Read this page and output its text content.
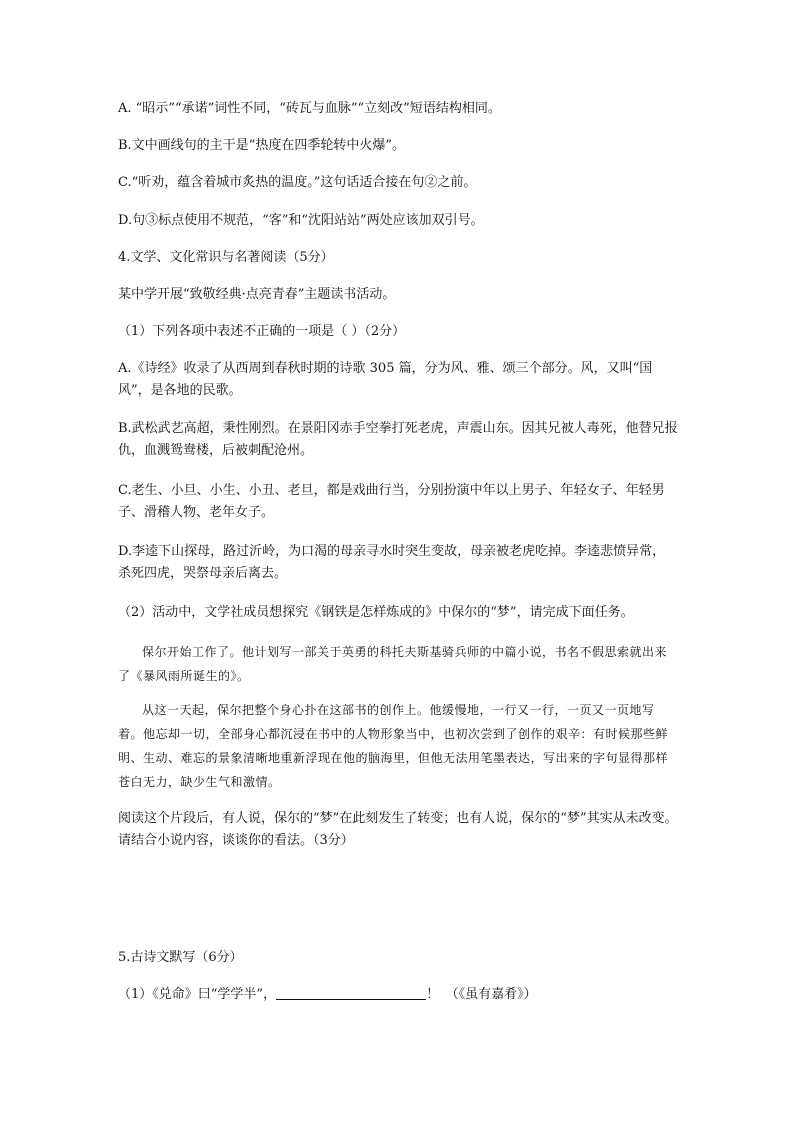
A. “昭示”“承诺”词性不同，“砖瓦与血脉”“立刻改”短语结构相同。
B.文中画线句的主干是“热度在四季轮转中火爆”。
C.“听劝，蕴含着城市炙热的温度。”这句话适合接在句②之前。
D.句③标点使用不规范，“客”和“沈阳站站”两处应该加双引号。
4.文学、文化常识与名著阅读（5分）
某中学开展“致敬经典·点亮青春”主题读书活动。
（1）下列各项中表述不正确的一项是（ ）（2分）
A.《诗经》收录了从西周到春秋时期的诗歌 305 篇，分为风、雅、颂三个部分。风，又叫“国风”，是各地的民歌。
B.武松武艺高超，秉性刚烈。在景阳冈赤手空拳打死老虎，声震山东。因其兄被人毒死，他替兄报仇，血溅鸳鸯楼，后被刺配沧州。
C.老生、小旦、小生、小丑、老旦，都是戏曲行当，分别扮演中年以上男子、年轻女子、年轻男子、滑稽人物、老年女子。
D.李逵下山探母，路过沂岭，为口渴的母亲寻水时突生变故，母亲被老虎吃掉。李逵悲愤异常，杀死四虎，哭祭母亲后离去。
（2）活动中，文学社成员想探究《钢铁是怎样炼成的》中保尔的“梦”，请完成下面任务。
保尔开始工作了。他计划写一部关于英勇的科托夫斯基骑兵师的中篇小说，书名不假思索就出来了《暴风雨所诞生的》。
从这一天起，保尔把整个身心扑在这部书的创作上。他缓慢地，一行又一行，一页又一页地写着。他忘却一切，全部身心都沉浸在书中的人物形象当中，也初次尝到了创作的艰辛：有时候那些鲜明、生动、难忘的景象清晰地重新浮现在他的脑海里，但他无法用笔墨表达，写出来的字句显得那样苍白无力，缺少生气和激情。
阅读这个片段后，有人说，保尔的“梦”在此刻发生了转变；也有人说，保尔的“梦”其实从未改变。请结合小说内容，谈谈你的看法。（3分）
5.古诗文默写（6分）
（1）《兑命》曰“学学半”，	！　（《虽有嘉肴》）
